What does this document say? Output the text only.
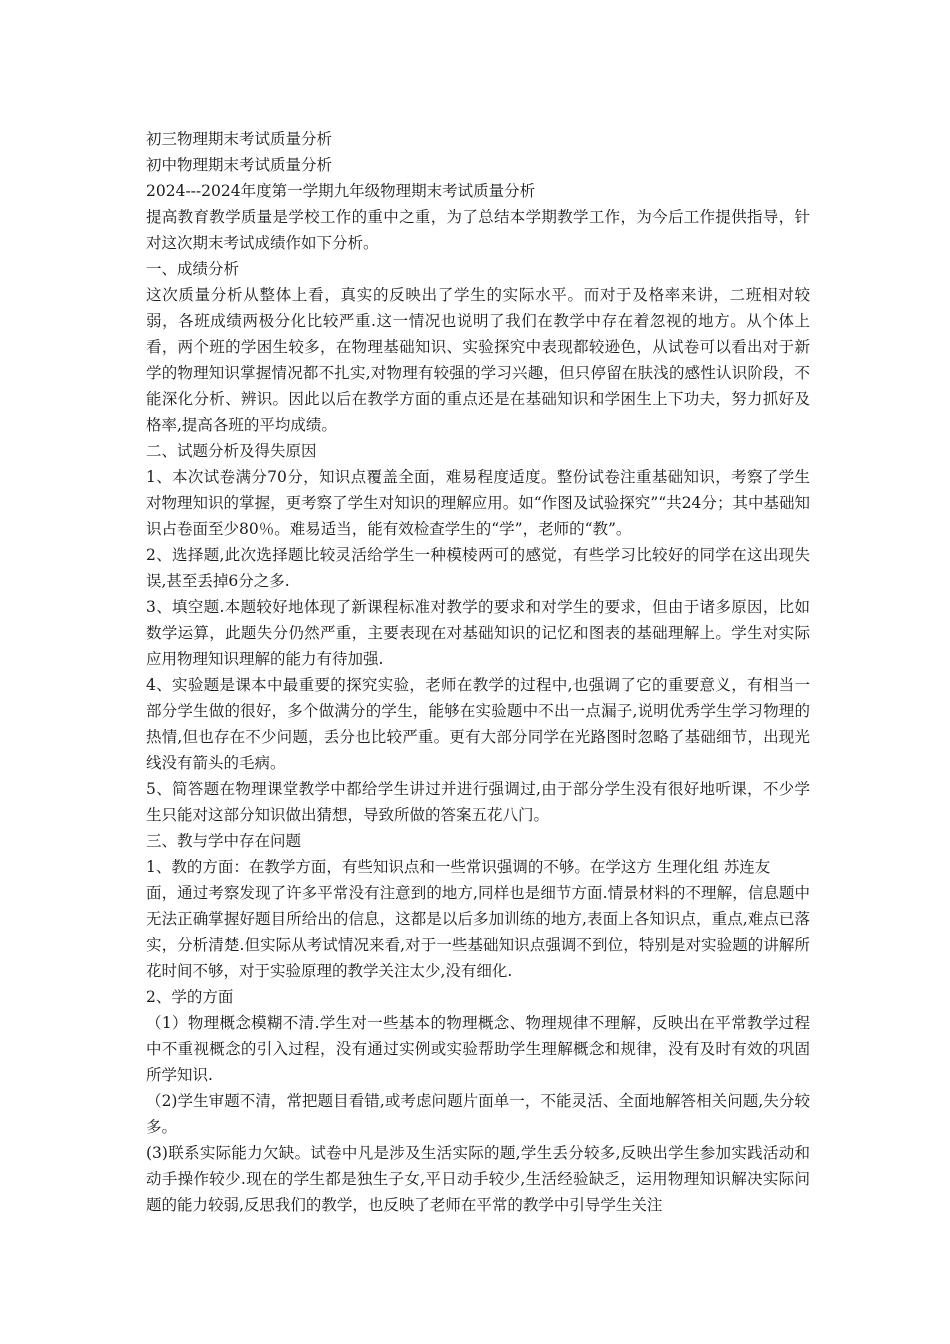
初三物理期末考试质量分析

初中物理期末考试质量分析

2024---2024年度第一学期九年级物理期末考试质量分析

提高教育教学质量是学校工作的重中之重，为了总结本学期教学工作，为今后工作提供指导，针对这次期末考试成绩作如下分析。

一、成绩分析

这次质量分析从整体上看，真实的反映出了学生的实际水平。而对于及格率来讲，二班相对较弱，各班成绩两极分化比较严重.这一情况也说明了我们在教学中存在着忽视的地方。从个体上看，两个班的学困生较多，在物理基础知识、实验探究中表现都较逊色，从试卷可以看出对于新学的物理知识掌握情况都不扎实,对物理有较强的学习兴趣，但只停留在肤浅的感性认识阶段，不能深化分析、辨识。因此以后在教学方面的重点还是在基础知识和学困生上下功夫，努力抓好及格率,提高各班的平均成绩。

二、试题分析及得失原因

1、本次试卷满分70分，知识点覆盖全面，难易程度适度。整份试卷注重基础知识，考察了学生对物理知识的掌握，更考察了学生对知识的理解应用。如“作图及试验探究”“共24分；其中基础知识占卷面至少80％。难易适当，能有效检查学生的“学”，老师的“教”。

2、选择题,此次选择题比较灵活给学生一种模棱两可的感觉，有些学习比较好的同学在这出现失误,甚至丢掉6分之多.

3、填空题.本题较好地体现了新课程标准对教学的要求和对学生的要求，但由于诸多原因，比如数学运算，此题失分仍然严重，主要表现在对基础知识的记忆和图表的基础理解上。学生对实际应用物理知识理解的能力有待加强.

4、实验题是课本中最重要的探究实验，老师在教学的过程中,也强调了它的重要意义，有相当一部分学生做的很好，多个做满分的学生，能够在实验题中不出一点漏子,说明优秀学生学习物理的热情,但也存在不少问题，丢分也比较严重。更有大部分同学在光路图时忽略了基础细节，出现光线没有箭头的毛病。

5、简答题在物理课堂教学中都给学生讲过并进行强调过,由于部分学生没有很好地听课，不少学生只能对这部分知识做出猜想，导致所做的答案五花八门。

三、教与学中存在问题

1、教的方面：在教学方面，有些知识点和一些常识强调的不够。在学这方 生理化组 苏连友

面，通过考察发现了许多平常没有注意到的地方,同样也是细节方面.情景材料的不理解，信息题中无法正确掌握好题目所给出的信息，这都是以后多加训练的地方,表面上各知识点，重点,难点已落实，分析清楚.但实际从考试情况来看,对于一些基础知识点强调不到位，特别是对实验题的讲解所花时间不够，对于实验原理的教学关注太少,没有细化.

2、学的方面

（1）物理概念模糊不清.学生对一些基本的物理概念、物理规律不理解，反映出在平常教学过程中不重视概念的引入过程，没有通过实例或实验帮助学生理解概念和规律，没有及时有效的巩固所学知识.

（2)学生审题不清，常把题目看错,或考虑问题片面单一，不能灵活、全面地解答相关问题,失分较多。

(3)联系实际能力欠缺。试卷中凡是涉及生活实际的题,学生丢分较多,反映出学生参加实践活动和动手操作较少.现在的学生都是独生子女,平日动手较少,生活经验缺乏，运用物理知识解决实际问题的能力较弱,反思我们的教学，也反映了老师在平常的教学中引导学生关注
